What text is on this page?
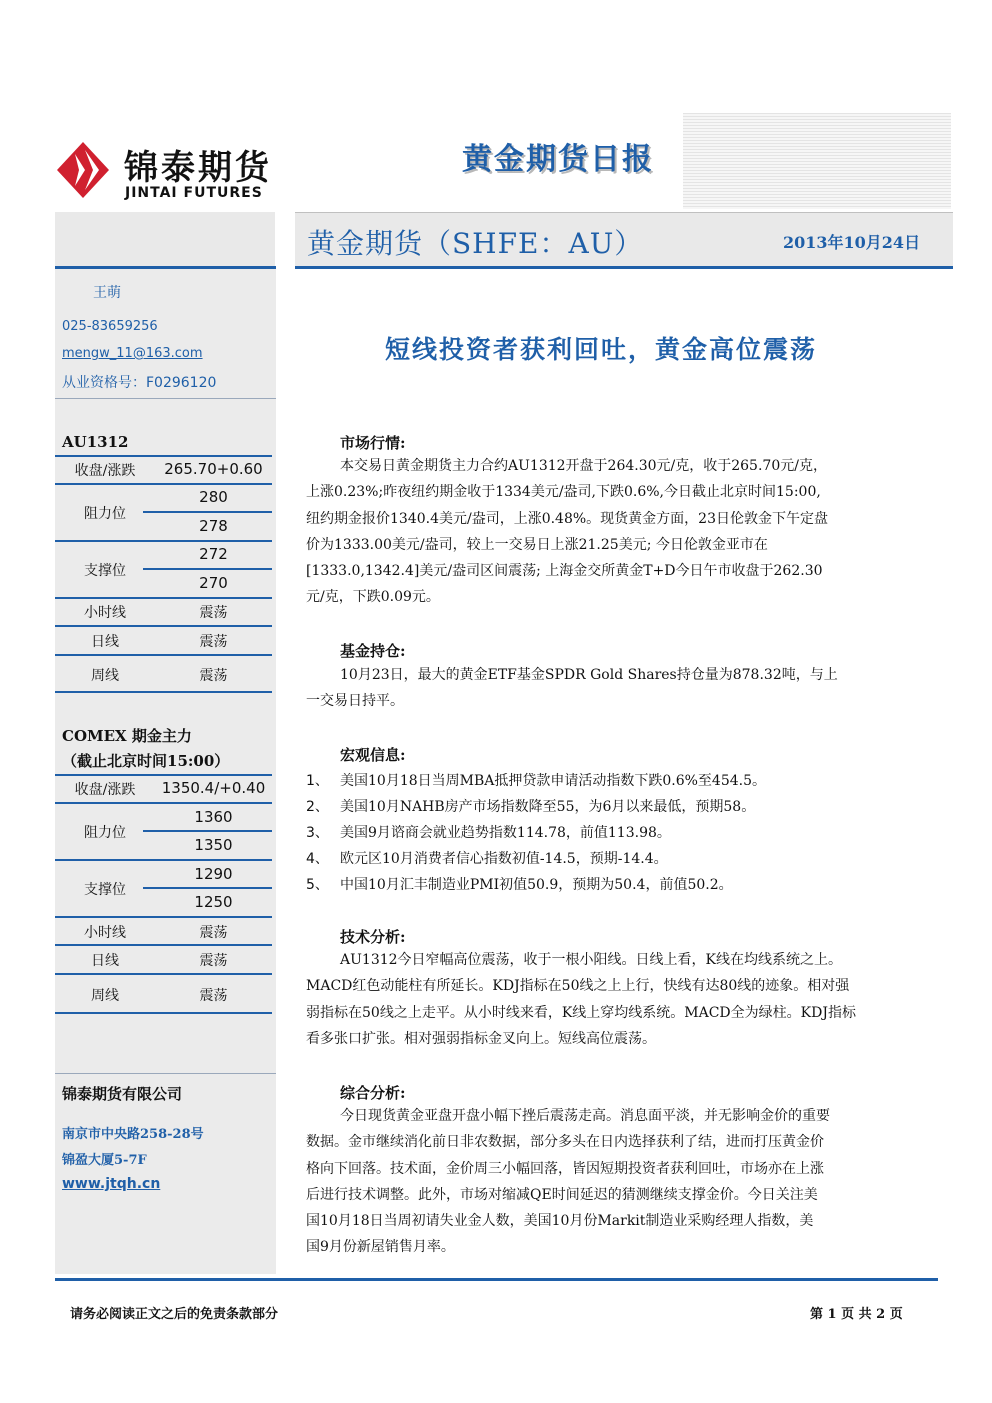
锦泰期货
JINTAI FUTURES
黄金期货日报
黄金期货（SHFE：AU）	2013年10月24日
王萌
025-83659256
mengw_11@163.com
从业资格号：F0296120
AU1312
收盘/涨跌	265.70+0.60
阻力位
280
278
支撑位
272
270
小时线	震荡
日线	震荡
周线	震荡
COMEX 期金主力
（截止北京时间15:00）
收盘/涨跌	1350.4/+0.40
阻力位
1360
1350
支撑位
1290
1250
小时线	震荡
日线	震荡
周线	震荡
锦泰期货有限公司
南京市中央路258-28号
锦盈大厦5-7F
www.jtqh.cn
短线投资者获利回吐，黄金高位震荡
市场行情:
本交易日黄金期货主力合约AU1312开盘于264.30元/克，收于265.70元/克，
上涨0.23%;昨夜纽约期金收于1334美元/盎司,下跌0.6%,今日截止北京时间15:00,
纽约期金报价1340.4美元/盎司，上涨0.48%。现货黄金方面，23日伦敦金下午定盘
价为1333.00美元/盎司，较上一交易日上涨21.25美元; 今日伦敦金亚市在
[1333.0,1342.4]美元/盎司区间震荡; 上海金交所黄金T+D今日午市收盘于262.30
元/克，下跌0.09元。
基金持仓:
10月23日，最大的黄金ETF基金SPDR Gold Shares持仓量为878.32吨，与上
一交易日持平。
宏观信息:
1、 美国10月18日当周MBA抵押贷款申请活动指数下跌0.6%至454.5。
2、 美国10月NAHB房产市场指数降至55，为6月以来最低，预期58。
3、 美国9月谘商会就业趋势指数114.78，前值113.98。
4、 欧元区10月消费者信心指数初值-14.5，预期-14.4。
5、 中国10月汇丰制造业PMI初值50.9，预期为50.4，前值50.2。
技术分析:
AU1312今日窄幅高位震荡，收于一根小阳线。日线上看，K线在均线系统之上。
MACD红色动能柱有所延长。KDJ指标在50线之上上行，快线有达80线的迹象。相对强
弱指标在50线之上走平。从小时线来看，K线上穿均线系统。MACD全为绿柱。KDJ指标
看多张口扩张。相对强弱指标金叉向上。短线高位震荡。
综合分析:
今日现货黄金亚盘开盘小幅下挫后震荡走高。消息面平淡，并无影响金价的重要
数据。金市继续消化前日非农数据，部分多头在日内选择获利了结，进而打压黄金价
格向下回落。技术面，金价周三小幅回落，皆因短期投资者获利回吐，市场亦在上涨
后进行技术调整。此外，市场对缩减QE时间延迟的猜测继续支撑金价。今日关注美
国10月18日当周初请失业金人数，美国10月份Markit制造业采购经理人指数，美
国9月份新屋销售月率。
请务必阅读正文之后的免责条款部分	第 1 页 共 2 页
